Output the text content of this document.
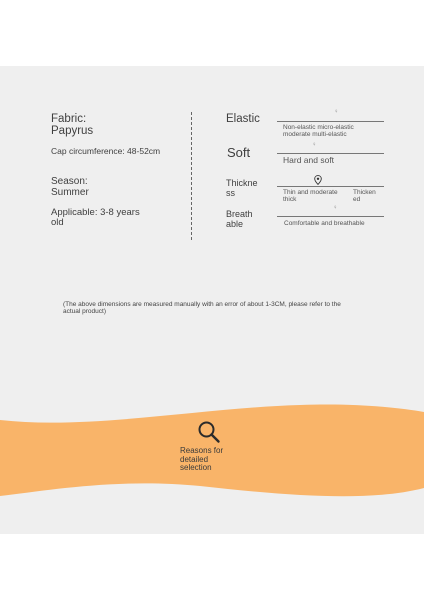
Fabric:
Papyrus
Cap circumference: 48-52cm
Season:
Summer
Applicable: 3-8 years
old
Elastic
♀
Non-elastic micro-elastic moderate multi-elastic
Soft	♀
Hard and soft
Thickne
ss	Thin and moderate thick
Thicken
ed
Breath
able
♀
Comfortable and breathable
(The above dimensions are measured manually with an error of about 1-3CM, please refer to the actual product)
Reasons for detailed selection
